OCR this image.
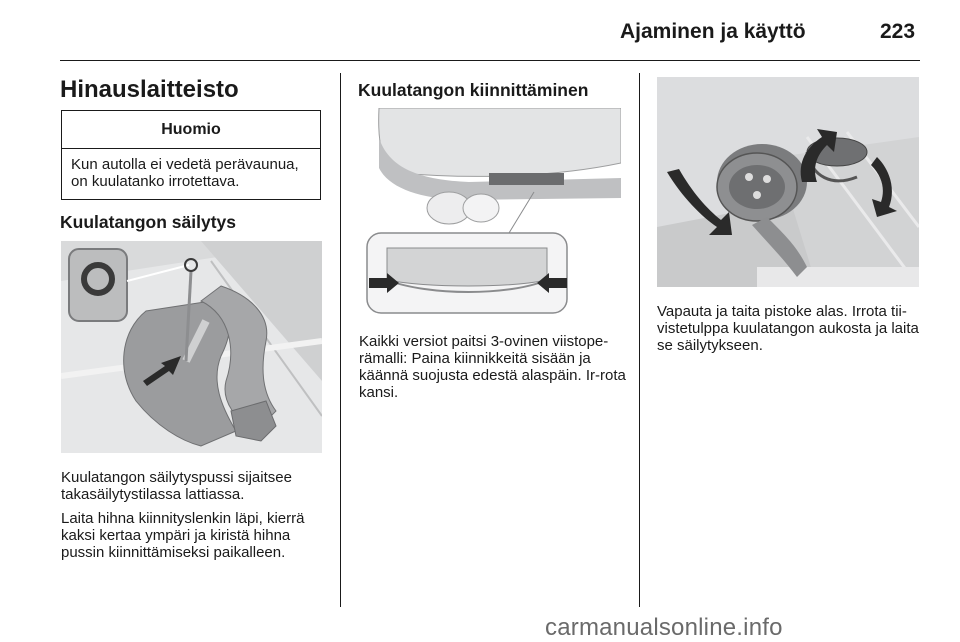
Ajaminen ja käyttö	223
Hinauslaitteisto
Huomio
Kun autolla ei vedetä perävaunua, on kuulatanko irrotettava.
Kuulatangon säilytys
Kuulatangon säilytyspussi sijaitsee takasäilytystilassa lattiassa.
Laita hihna kiinnityslenkin läpi, kierrä kaksi kertaa ympäri ja kiristä hihna pussin kiinnittämiseksi paikalleen.
Kuulatangon kiinnittäminen
Kaikki versiot paitsi 3-ovinen viistope-rämalli: Paina kiinnikkeitä sisään ja käännä suojusta edestä alaspäin. Ir-rota kansi.
Vapauta ja taita pistoke alas. Irrota tii-vistetulppa kuulatangon aukosta ja laita se säilytykseen.
carmanualsonline.info
